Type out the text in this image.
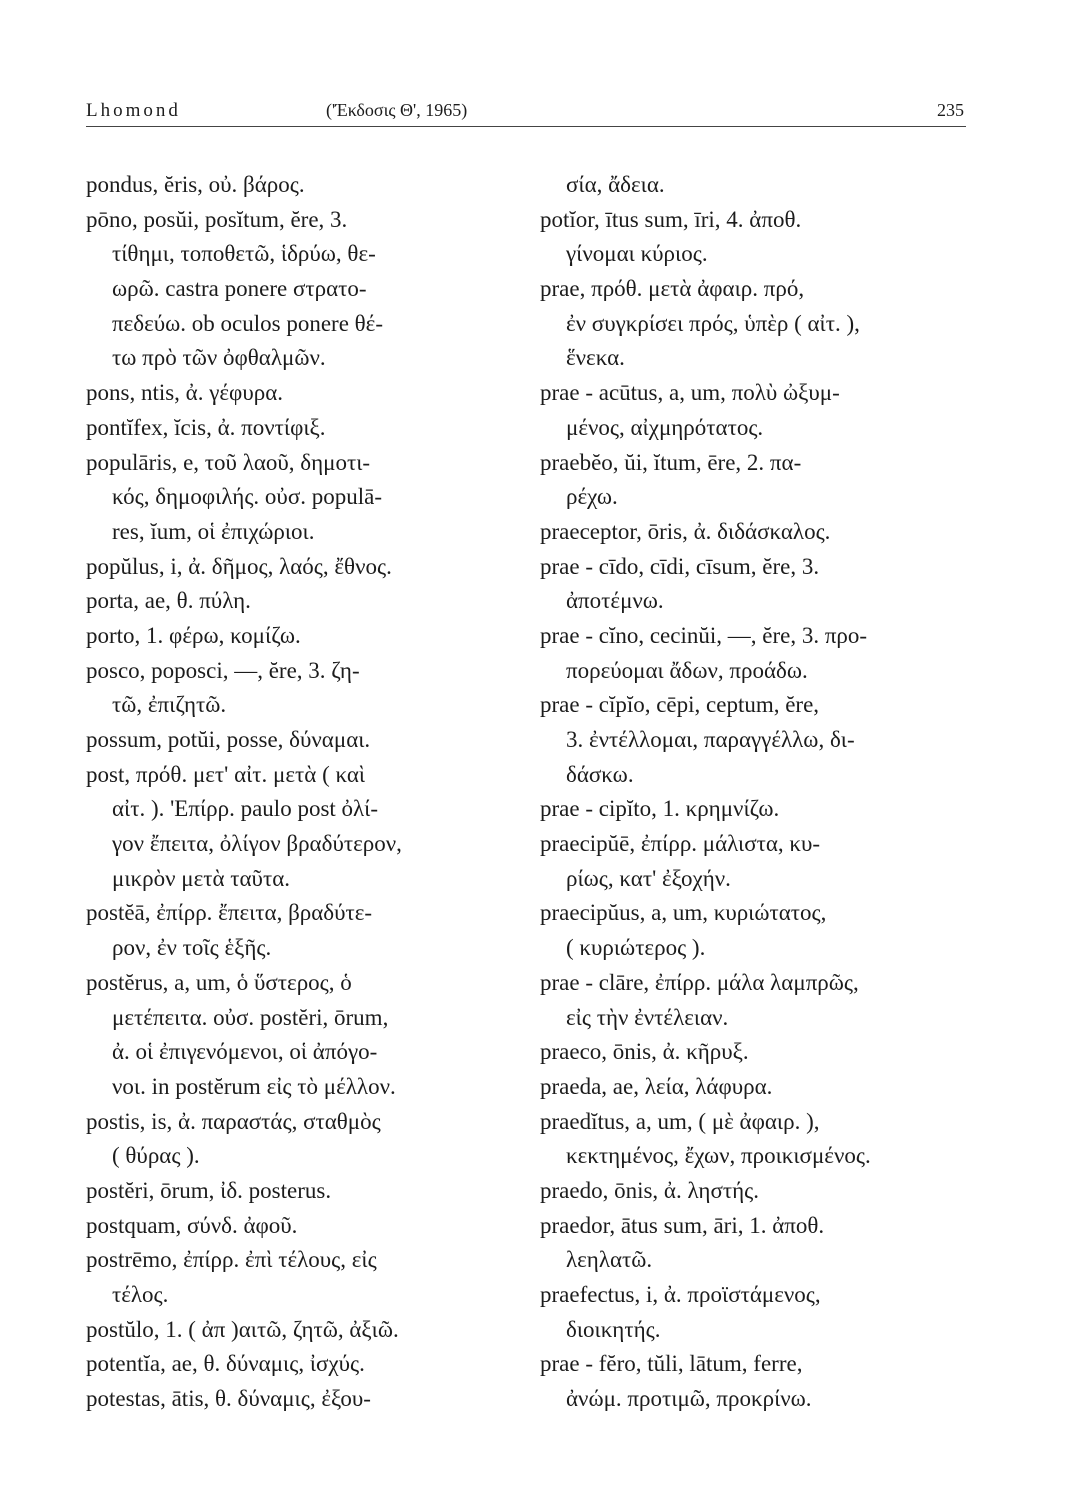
Lhomond	('Έκδοσις Θ', 1965)	235
pondus, ĕris, οὐ. βάρος.
pōno, posŭi, posĭtum, ĕre, 3.
τίθημι, τοποθετῶ, ἱδρύω, θε-
ωρῶ. castra ponere στρατο-
πεδεύω. ob oculos ponere θέ-
τω πρὸ τῶν ὀφθαλμῶν.
pons, ntis, ἀ. γέφυρα.
pontĭfex, ĭcis, ἀ. ποντίφιξ.
populāris, e, τοῦ λαοῦ, δημοτι-
κός, δημοφιλής. οὐσ. populā-
res, ĭum, οἱ ἐπιχώριοι.
popŭlus, i, ἀ. δῆμος, λαός, ἔθνος.
porta, ae, θ. πύλη.
porto, 1. φέρω, κομίζω.
posco, poposci, —, ĕre, 3. ζη-
τῶ, ἐπιζητῶ.
possum, potŭi, posse, δύναμαι.
post, πρόθ. μετ' αἰτ. μετὰ ( καὶ
αἰτ. ). 'Επίρρ. paulo post ὀλί-
γον ἔπειτα, ὀλίγον βραδύτερον,
μικρὸν μετὰ ταῦτα.
postĕā, ἐπίρρ. ἔπειτα, βραδύτε-
ρον, ἐν τοῖς ἑξῆς.
postĕrus, a, um, ὁ ὕστερος, ὁ
μετέπειτα. οὐσ. postĕri, ōrum,
ἀ. οἱ ἐπιγενόμενοι, οἱ ἀπόγο-
νοι. in postĕrum εἰς τὸ μέλλον.
postis, is, ἀ. παραστάς, σταθμὸς
( θύρας ).
postĕri, ōrum, ἰδ. posterus.
postquam, σύνδ. ἀφοῦ.
postrēmo, ἐπίρρ. ἐπὶ τέλους, εἰς
τέλος.
postŭlo, 1. ( ἀπ )αιτῶ, ζητῶ, ἀξιῶ.
potentĭa, ae, θ. δύναμις, ἰσχύς.
potestas, ātis, θ. δύναμις, ἐξου-
σία, ἄδεια.
potĭor, ītus sum, īri, 4. ἀποθ.
γίνομαι κύριος.
prae, πρόθ. μετὰ ἀφαιρ. πρό,
ἐν συγκρίσει πρός, ὑπὲρ ( αἰτ. ),
ἕνεκα.
prae - acūtus, a, um, πολὺ ὠξυμ-
μένος, αἰχμηρότατος.
praebĕo, ŭi, ĭtum, ēre, 2. πα-
ρέχω.
praeceptor, ōris, ἀ. διδάσκαλος.
prae - cīdo, cīdi, cīsum, ĕre, 3.
ἀποτέμνω.
prae - cĭno, cecinŭi, —, ĕre, 3. προ-
πορεύομαι ἄδων, προάδω.
prae - cĭpĭo, cēpi, ceptum, ĕre,
3. ἐντέλλομαι, παραγγέλλω, δι-
δάσκω.
prae - cipĭto, 1. κρημνίζω.
praecipŭē, ἐπίρρ. μάλιστα, κυ-
ρίως, κατ' ἐξοχήν.
praecipŭus, a, um, κυριώτατος,
( κυριώτερος ).
prae - clāre, ἐπίρρ. μάλα λαμπρῶς,
εἰς τὴν ἐντέλειαν.
praeco, ōnis, ἀ. κῆρυξ.
praeda, ae, λεία, λάφυρα.
praedĭtus, a, um, ( μὲ ἀφαιρ. ),
κεκτημένος, ἔχων, προικισμένος.
praedo, ōnis, ἀ. ληστής.
praedor, ātus sum, āri, 1. ἀποθ.
λεηλατῶ.
praefectus, i, ἀ. προϊστάμενος,
διοικητής.
prae - fĕro, tŭli, lātum, ferre,
ἀνώμ. προτιμῶ, προκρίνω.
